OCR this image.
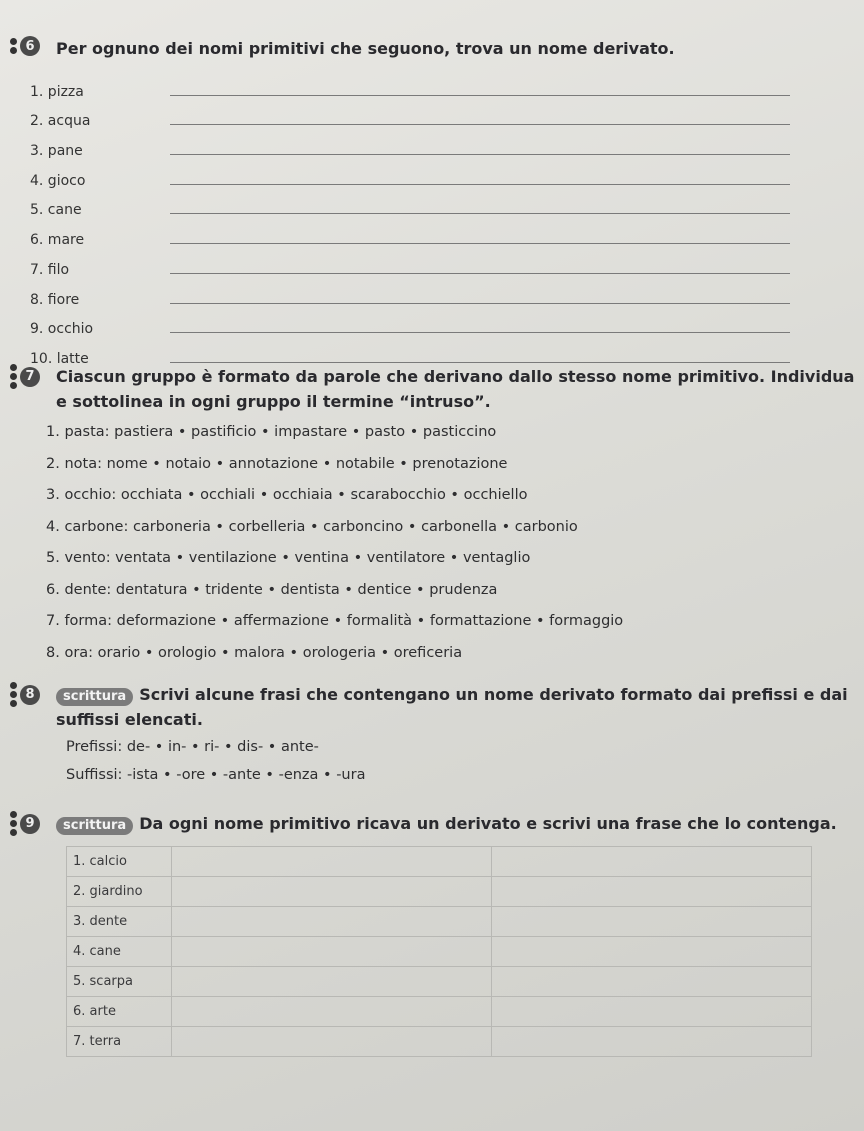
6	Per ognuno dei nomi primitivi che seguono, trova un nome derivato.
1. pizza
2. acqua
3. pane
4. gioco
5. cane
6. mare
7. filo
8. fiore
9. occhio
10. latte
7	Ciascun gruppo è formato da parole che derivano dallo stesso nome primitivo. Individua
e sottolinea in ogni gruppo il termine “intruso”.
1. pasta: pastiera • pastificio • impastare • pasto • pasticcino
2. nota: nome • notaio • annotazione • notabile • prenotazione
3. occhio: occhiata • occhiali • occhiaia • scarabocchio • occhiello
4. carbone: carboneria • corbelleria • carboncino • carbonella • carbonio
5. vento: ventata • ventilazione • ventina • ventilatore • ventaglio
6. dente: dentatura • tridente • dentista • dentice • prudenza
7. forma: deformazione • affermazione • formalità • formattazione • formaggio
8. ora: orario • orologio • malora • orologeria • oreficeria
8	scrittura Scrivi alcune frasi che contengano un nome derivato formato dai prefissi e dai
suffissi elencati.
Prefissi: de- • in- • ri- • dis- • ante-
Suffissi: -ista • -ore • -ante • -enza • -ura
9	scrittura Da ogni nome primitivo ricava un derivato e scrivi una frase che lo contenga.
1. calcio		
2. giardino		
3. dente		
4. cane		
5. scarpa		
6. arte		
7. terra		
